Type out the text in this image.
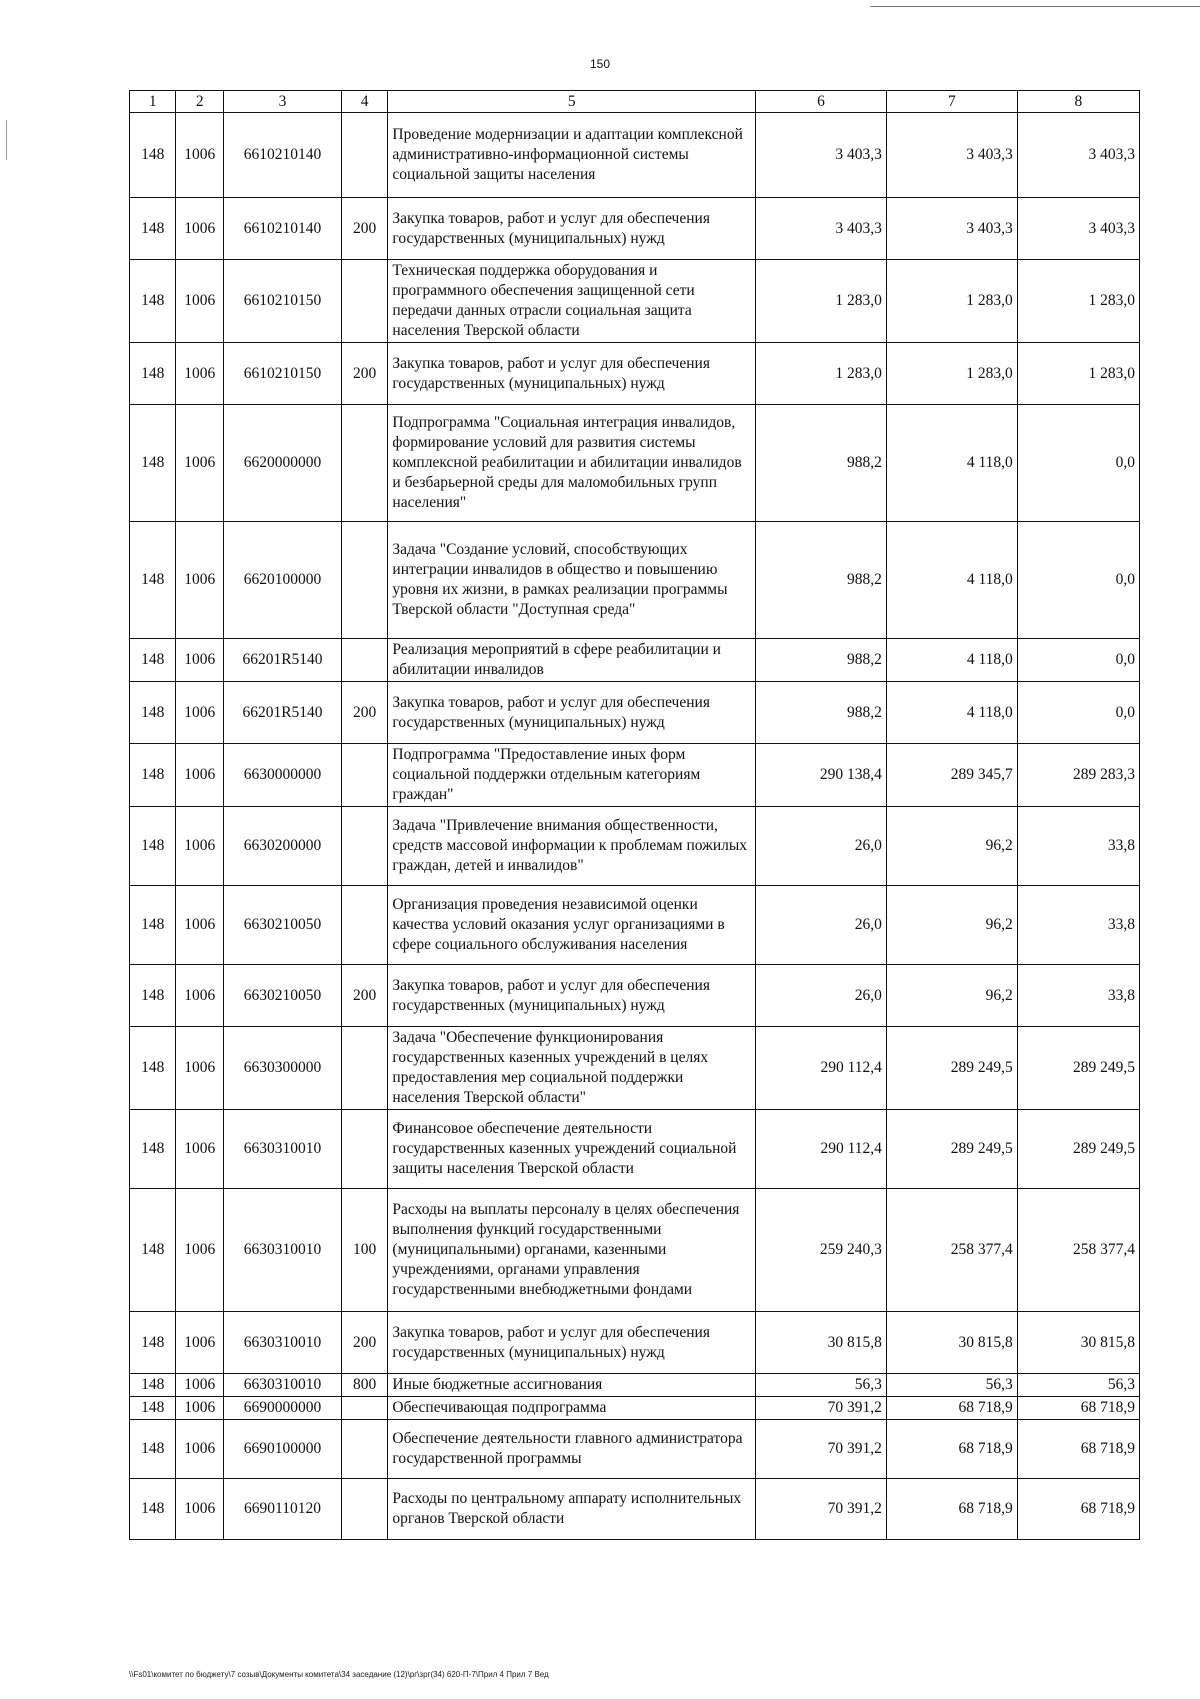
150
1	2	3	4	5	6	7	8
148	1006	6610210140		Проведение модернизации и адаптации комплексной административно-информационной системы социальной защиты населения	3 403,3	3 403,3	3 403,3
148	1006	6610210140	200	Закупка товаров, работ и услуг для обеспечения государственных (муниципальных) нужд	3 403,3	3 403,3	3 403,3
148	1006	6610210150		Техническая поддержка оборудования и программного обеспечения защищенной сети передачи данных отрасли социальная защита населения Тверской области	1 283,0	1 283,0	1 283,0
148	1006	6610210150	200	Закупка товаров, работ и услуг для обеспечения государственных (муниципальных) нужд	1 283,0	1 283,0	1 283,0
148	1006	6620000000		Подпрограмма "Социальная интеграция инвалидов, формирование условий для развития системы комплексной реабилитации и абилитации инвалидов и безбарьерной среды для маломобильных групп населения"	988,2	4 118,0	0,0
148	1006	6620100000		Задача "Создание условий, способствующих интеграции инвалидов в общество и повышению уровня их жизни, в рамках реализации программы Тверской области "Доступная среда"	988,2	4 118,0	0,0
148	1006	66201R5140		Реализация мероприятий в сфере реабилитации и абилитации инвалидов	988,2	4 118,0	0,0
148	1006	66201R5140	200	Закупка товаров, работ и услуг для обеспечения государственных (муниципальных) нужд	988,2	4 118,0	0,0
148	1006	6630000000		Подпрограмма "Предоставление иных форм социальной поддержки отдельным категориям граждан"	290 138,4	289 345,7	289 283,3
148	1006	6630200000		Задача "Привлечение внимания общественности, средств массовой информации к проблемам пожилых граждан, детей и инвалидов"	26,0	96,2	33,8
148	1006	6630210050		Организация проведения независимой оценки качества условий оказания услуг организациями в сфере социального обслуживания населения	26,0	96,2	33,8
148	1006	6630210050	200	Закупка товаров, работ и услуг для обеспечения государственных (муниципальных) нужд	26,0	96,2	33,8
148	1006	6630300000		Задача "Обеспечение функционирования государственных казенных учреждений в целях предоставления мер социальной поддержки населения Тверской области"	290 112,4	289 249,5	289 249,5
148	1006	6630310010		Финансовое обеспечение деятельности государственных казенных учреждений социальной защиты населения Тверской области	290 112,4	289 249,5	289 249,5
148	1006	6630310010	100	Расходы на выплаты персоналу в целях обеспечения выполнения функций государственными (муниципальными) органами, казенными учреждениями, органами управления государственными внебюджетными фондами	259 240,3	258 377,4	258 377,4
148	1006	6630310010	200	Закупка товаров, работ и услуг для обеспечения государственных (муниципальных) нужд	30 815,8	30 815,8	30 815,8
148	1006	6630310010	800	Иные бюджетные ассигнования	56,3	56,3	56,3
148	1006	6690000000		Обеспечивающая подпрограмма	70 391,2	68 718,9	68 718,9
148	1006	6690100000		Обеспечение деятельности главного администратора государственной программы	70 391,2	68 718,9	68 718,9
148	1006	6690110120		Расходы по центральному аппарату исполнительных органов Тверской области	70 391,2	68 718,9	68 718,9
\\Fs01\комитет по бюджету\7 созыв\Документы комитета\34 заседание (12)\рг\зрг(34) 620-П-7\Прил 4 Прил 7 Вед
